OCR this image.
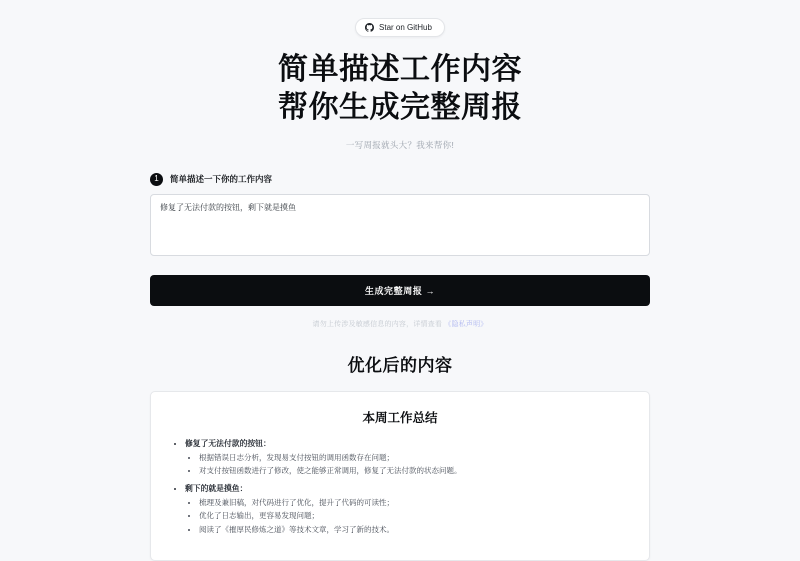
Star on GitHub
简单描述工作内容
帮你生成完整周报

一写周报就头大？我来帮你!

1	简单描述一下你的工作内容
修复了无法付款的按钮，剩下就是摸鱼
生成完整周报 →
请勿上传涉及敏感信息的内容，详情查看 《隐私声明》
优化后的内容
本周工作总结
• 修复了无法付款的按钮：
• 根据错误日志分析，发现易支付按钮的调用函数存在问题；
• 对支付按钮函数进行了修改，使之能够正常调用，修复了无法付款的状态问题。
• 剩下的就是摸鱼：
• 梳理及兼旧稿，对代码进行了优化，提升了代码的可读性；
• 优化了日志输出，更容易发现问题；
• 阅读了《摧厚民修炼之道》等技术文章，学习了新的技术。
